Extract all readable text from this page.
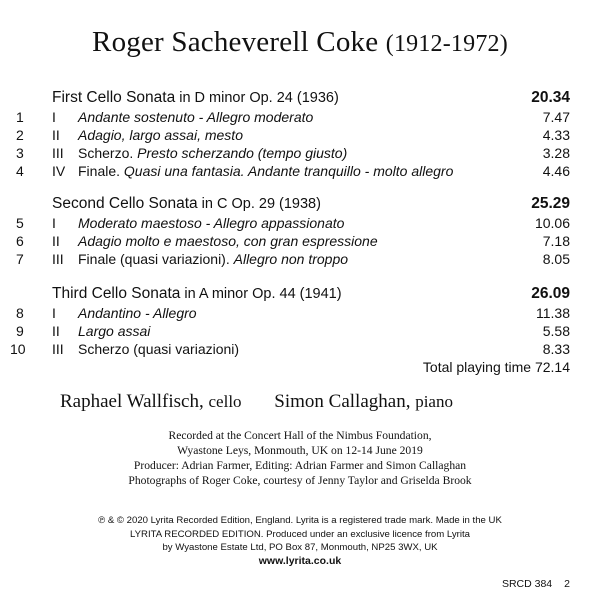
Roger Sacheverell Coke (1912-1972)
First Cello Sonata in D minor Op. 24 (1936)	20.34
1 I Andante sostenuto - Allegro moderato	7.47
2 II Adagio, largo assai, mesto	4.33
3 III Scherzo. Presto scherzando (tempo giusto)	3.28
4 IV Finale. Quasi una fantasia. Andante tranquillo - molto allegro	4.46
Second Cello Sonata in C Op. 29 (1938)	25.29
5 I Moderato maestoso - Allegro appassionato	10.06
6 II Adagio molto e maestoso, con gran espressione	7.18
7 III Finale (quasi variazioni). Allegro non troppo	8.05
Third Cello Sonata in A minor Op. 44 (1941)	26.09
8 I Andantino - Allegro	11.38
9 II Largo assai	5.58
10 III Scherzo (quasi variazioni)	8.33
Total playing time 72.14
Raphael Wallfisch, cello Simon Callaghan, piano
Recorded at the Concert Hall of the Nimbus Foundation,
Wyastone Leys, Monmouth, UK on 12-14 June 2019
Producer: Adrian Farmer, Editing: Adrian Farmer and Simon Callaghan
Photographs of Roger Coke, courtesy of Jenny Taylor and Griselda Brook
℗ & © 2020 Lyrita Recorded Edition, England. Lyrita is a registered trade mark. Made in the UK
LYRITA RECORDED EDITION. Produced under an exclusive licence from Lyrita
by Wyastone Estate Ltd, PO Box 87, Monmouth, NP25 3WX, UK
www.lyrita.co.uk
SRCD 384 2
